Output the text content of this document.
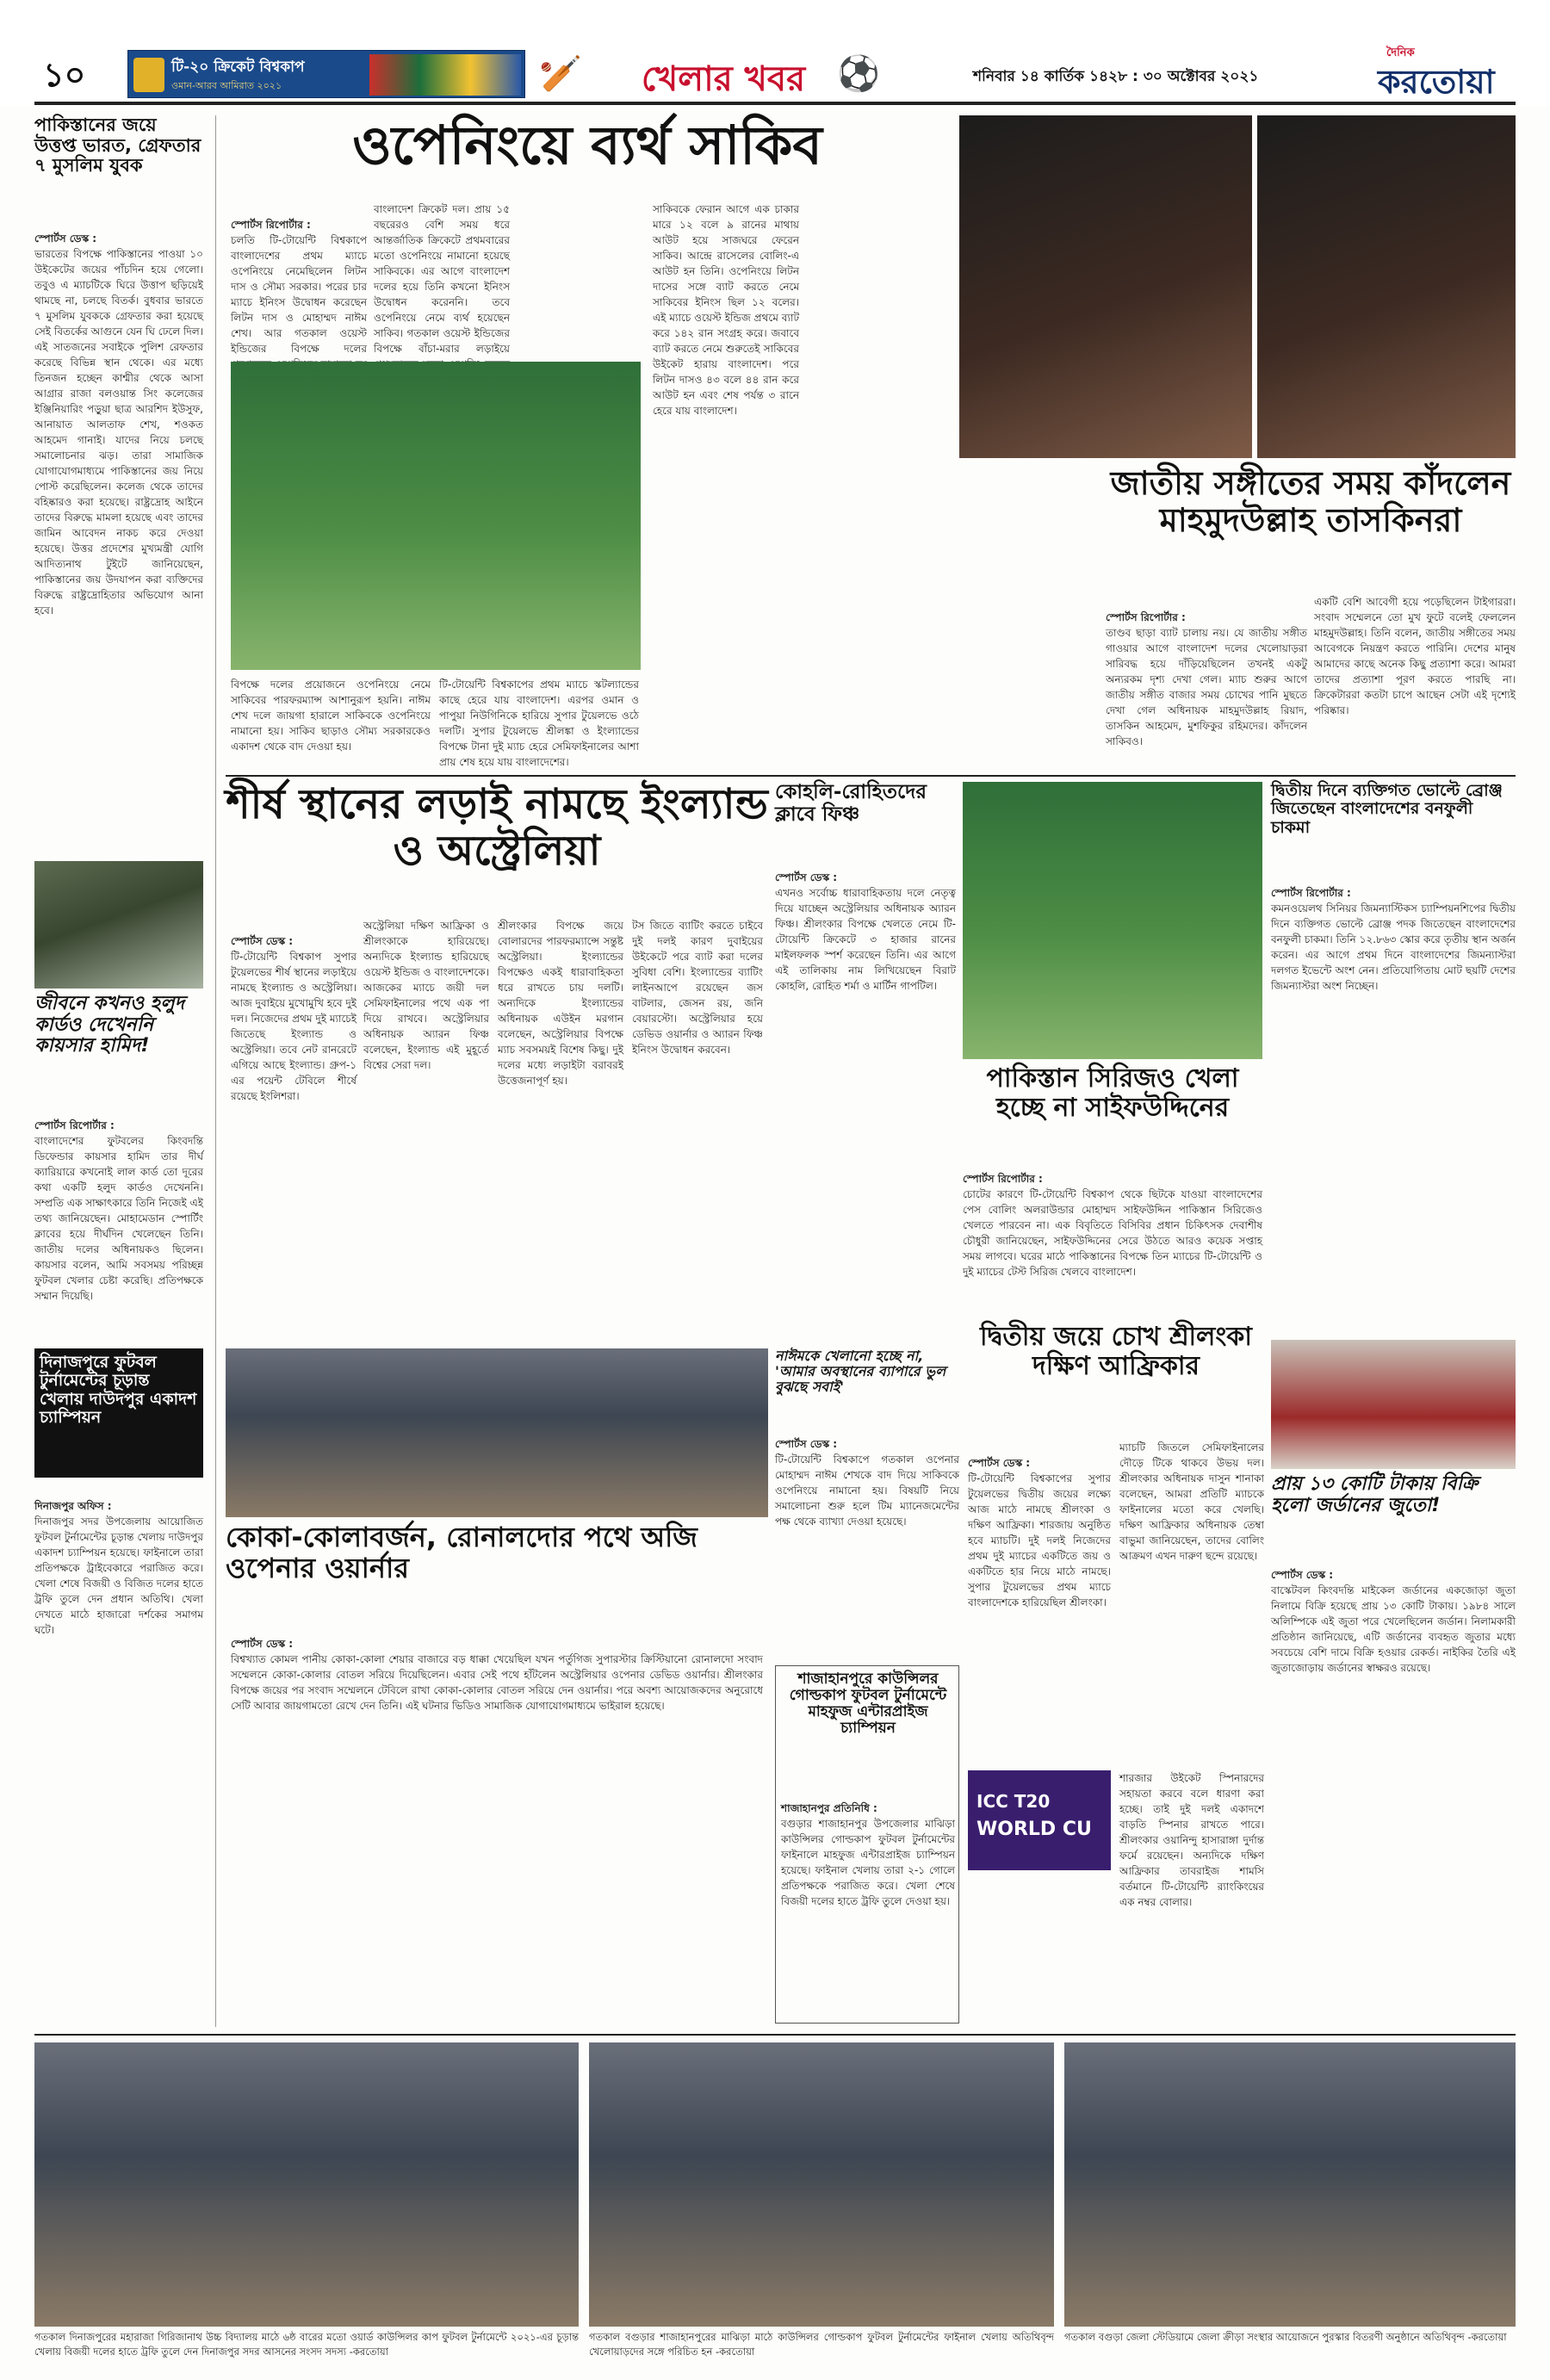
১০	টি-২০ ক্রিকেট বিশ্বকাপ
ওমান-আরব আমিরাত ২০২১	🏏	খেলার খবর ⚽	শনিবার ১৪ কার্তিক ১৪২৮ : ৩০ অক্টোবর ২০২১
দৈনিক
করতোয়া
পাকিস্তানের জয়ে উত্তপ্ত ভারত, গ্রেফতার ৭ মুসলিম যুবক

স্পোর্টস ডেস্ক :
ভারতের বিপক্ষে পাকিস্তানের পাওয়া ১০ উইকেটের জয়ের পাঁচদিন হয়ে গেলো। তবুও এ ম্যাচটিকে ঘিরে উত্তাপ ছড়িয়েই থামছে না, চলছে বিতর্ক। বুধবার ভারতে ৭ মুসলিম যুবককে গ্রেফতার করা হয়েছে সেই বিতর্কের আগুনে যেন ঘি ঢেলে দিল। এই সাতজনের সবাইকে পুলিশ রেফতার করেছে বিভিন্ন স্থান থেকে। এর মধ্যে তিনজন হচ্ছেন কাশ্মীর থেকে আসা আগ্রার রাজা বলওয়ান্ত সিং কলেজের ইঞ্জিনিয়ারিং পড়ুয়া ছাত্র আরশিদ ইউসুফ, আনায়াত আলতাফ শেখ, শওকত আহমেদ গানাই। যাদের নিয়ে চলছে সমালোচনার ঝড়। তারা সামাজিক যোগাযোগমাধ্যমে পাকিস্তানের জয় নিয়ে পোস্ট করেছিলেন। কলেজ থেকে তাদের বহিষ্কারও করা হয়েছে। রাষ্ট্রদ্রোহ আইনে তাদের বিরুদ্ধে মামলা হয়েছে এবং তাদের জামিন আবেদন নাকচ করে দেওয়া হয়েছে। উত্তর প্রদেশের মুখ্যমন্ত্রী যোগি আদিত্যনাথ টুইটে জানিয়েছেন, পাকিস্তানের জয় উদযাপন করা ব্যক্তিদের বিরুদ্ধে রাষ্ট্রদ্রোহিতার অভিযোগ আনা হবে।

জীবনে কখনও হলুদ কার্ডও দেখেননি কায়সার হামিদ!

স্পোর্টস রিপোর্টার :
বাংলাদেশের ফুটবলের কিংবদন্তি ডিফেন্ডার কায়সার হামিদ তার দীর্ঘ ক্যারিয়ারে কখনোই লাল কার্ড তো দূরের কথা একটি হলুদ কার্ডও দেখেননি। সম্প্রতি এক সাক্ষাৎকারে তিনি নিজেই এই তথ্য জানিয়েছেন। মোহামেডান স্পোর্টিং ক্লাবের হয়ে দীর্ঘদিন খেলেছেন তিনি। জাতীয় দলের অধিনায়কও ছিলেন। কায়সার বলেন, আমি সবসময় পরিচ্ছন্ন ফুটবল খেলার চেষ্টা করেছি। প্রতিপক্ষকে সম্মান দিয়েছি।

দিনাজপুরে ফুটবল টুর্নামেন্টের চূড়ান্ত খেলায় দাউদপুর একাদশ চ্যাম্পিয়ন

দিনাজপুর অফিস :
দিনাজপুর সদর উপজেলায় আয়োজিত ফুটবল টুর্নামেন্টের চূড়ান্ত খেলায় দাউদপুর একাদশ চ্যাম্পিয়ন হয়েছে। ফাইনালে তারা প্রতিপক্ষকে ট্রাইবেকারে পরাজিত করে। খেলা শেষে বিজয়ী ও বিজিত দলের হাতে ট্রফি তুলে দেন প্রধান অতিথি। খেলা দেখতে মাঠে হাজারো দর্শকের সমাগম ঘটে।

ওপেনিংয়ে ব্যর্থ সাকিব

স্পোর্টস রিপোর্টার :
চলতি টি-টোয়েন্টি বিশ্বকাপে বাংলাদেশের প্রথম ম্যাচে ওপেনিংয়ে নেমেছিলেন লিটন দাস ও সৌম্য সরকার। পরের চার ম্যাচে ইনিংস উদ্বোধন করেছেন লিটন দাস ও মোহাম্মদ নাঈম শেখ। আর গতকাল ওয়েস্ট ইন্ডিজের বিপক্ষে দলের

বাংলাদেশ ক্রিকেট দল। প্রায় ১৫ বছরেরও বেশি সময় ধরে আন্তর্জাতিক ক্রিকেটে প্রথমবারের মতো ওপেনিংয়ে নামানো হয়েছে সাকিবকে। এর আগে বাংলাদেশ দলের হয়ে তিনি কখনো ইনিংস উদ্বোধন করেননি। তবে ওপেনিংয়ে নেমে ব্যর্থ হয়েছেন সাকিব। গতকাল ওয়েস্ট ইন্ডিজের বিপক্ষে বাঁচা-মরার লড়াইয়ে
সাকিবকে ফেরান আগে এক চাকার মারে ১২ বলে ৯ রানের মাথায় আউট হয়ে সাজঘরে ফেরেন সাকিব। আন্দ্রে রাসেলের বোলিং-এ আউট হন তিনি। ওপেনিংয়ে লিটন দাসের সঙ্গে ব্যাট করতে নেমে সাকিবের ইনিংস ছিল ১২ বলের। এই ম্যাচে ওয়েস্ট ইন্ডিজ প্রথমে ব্যাট করে ১৪২ রান সংগ্রহ করে। জবাবে ব্যাট করতে নেমে শুরুতেই সাকিবের উইকেট হারায় বাংলাদেশ। পরে লিটন দাসও ৪৩ বলে ৪৪ রান করে আউট হন এবং শেষ পর্যন্ত ৩ রানে হেরে যায় বাংলাদেশ।
বিপক্ষে দলের প্রয়োজনে ওপেনিংয়ে নেমে সাকিবের পারফরম্যান্স আশানুরূপ হয়নি। নাঈম শেখ দলে জায়গা হারালে সাকিবকে ওপেনিংয়ে নামানো হয়। সাকিব ছাড়াও সৌম্য সরকারকেও একাদশ থেকে বাদ দেওয়া হয়।
টি-টোয়েন্টি বিশ্বকাপের প্রথম ম্যাচে স্কটল্যান্ডের কাছে হেরে যায় বাংলাদেশ। এরপর ওমান ও পাপুয়া নিউগিনিকে হারিয়ে সুপার টুয়েলভে ওঠে দলটি। সুপার টুয়েলভে শ্রীলঙ্কা ও ইংল্যান্ডের বিপক্ষে টানা দুই ম্যাচ হেরে সেমিফাইনালের আশা প্রায় শেষ হয়ে যায় বাংলাদেশের।
জাতীয় সঙ্গীতের সময় কাঁদলেন মাহমুদউল্লাহ তাসকিনরা

স্পোর্টস রিপোর্টার :
তাণ্ডব ছাড়া ব্যাট চালায় নয়। যে জাতীয় সঙ্গীত গাওয়ার আগে বাংলাদেশ দলের খেলোয়াড়রা সারিবদ্ধ হয়ে দাঁড়িয়েছিলেন তখনই একটু অন্যরকম দৃশ্য দেখা গেল। ম্যাচ শুরুর আগে জাতীয় সঙ্গীত বাজার সময় চোখের পানি মুছতে দেখা গেল অধিনায়ক মাহমুদউল্লাহ রিয়াদ, তাসকিন আহমেদ, মুশফিকুর রহিমদের। কাঁদলেন সাকিবও।

একটি বেশি আবেগী হয়ে পড়েছিলেন টাইগাররা। সংবাদ সম্মেলনে তো মুখ ফুটে বলেই ফেললেন মাহমুদউল্লাহ। তিনি বলেন, জাতীয় সঙ্গীতের সময় আবেগকে নিয়ন্ত্রণ করতে পারিনি। দেশের মানুষ আমাদের কাছে অনেক কিছু প্রত্যাশা করে। আমরা তাদের প্রত্যাশা পূরণ করতে পারছি না। ক্রিকেটাররা কতটা চাপে আছেন সেটা এই দৃশ্যেই পরিষ্কার।
শীর্ষ স্থানের লড়াই নামছে ইংল্যান্ড ও অস্ট্রেলিয়া

স্পোর্টস ডেস্ক :
টি-টোয়েন্টি বিশ্বকাপ সুপার টুয়েলভের শীর্ষ স্থানের লড়াইয়ে নামছে ইংল্যান্ড ও অস্ট্রেলিয়া। আজ দুবাইয়ে মুখোমুখি হবে দুই দল। নিজেদের প্রথম দুই ম্যাচেই জিতেছে ইংল্যান্ড ও অস্ট্রেলিয়া। তবে নেট রানরেটে এগিয়ে আছে ইংল্যান্ড। গ্রুপ-১ এর পয়েন্ট টেবিলে শীর্ষে রয়েছে ইংলিশরা।

অস্ট্রেলিয়া দক্ষিণ আফ্রিকা ও শ্রীলংকাকে হারিয়েছে। অন্যদিকে ইংল্যান্ড হারিয়েছে ওয়েস্ট ইন্ডিজ ও বাংলাদেশকে। আজকের ম্যাচে জয়ী দল সেমিফাইনালের পথে এক পা দিয়ে রাখবে। অস্ট্রেলিয়ার অধিনায়ক অ্যারন ফিঞ্চ বলেছেন, ইংল্যান্ড এই মুহূর্তে বিশ্বের সেরা দল।
শ্রীলংকার বিপক্ষে জয়ে বোলারদের পারফরম্যান্সে সন্তুষ্ট অস্ট্রেলিয়া। ইংল্যান্ডের বিপক্ষেও একই ধারাবাহিকতা ধরে রাখতে চায় দলটি। অন্যদিকে ইংল্যান্ডের অধিনায়ক এউইন মরগান বলেছেন, অস্ট্রেলিয়ার বিপক্ষে ম্যাচ সবসময়ই বিশেষ কিছু। দুই দলের মধ্যে লড়াইটা বরাবরই উত্তেজনাপূর্ণ হয়।
টস জিতে ব্যাটিং করতে চাইবে দুই দলই কারণ দুবাইয়ের উইকেটে পরে ব্যাট করা দলের সুবিধা বেশি। ইংল্যান্ডের ব্যাটিং লাইনআপে রয়েছেন জস বাটলার, জেসন রয়, জনি বেয়ারস্টো। অস্ট্রেলিয়ার হয়ে ডেভিড ওয়ার্নার ও অ্যারন ফিঞ্চ ইনিংস উদ্বোধন করবেন।
কোহলি-রোহিতদের ক্লাবে ফিঞ্চ

স্পোর্টস ডেস্ক :
এখনও সর্বোচ্চ ধারাবাহিকতায় দলে নেতৃত্ব দিয়ে যাচ্ছেন অস্ট্রেলিয়ার অধিনায়ক অ্যারন ফিঞ্চ। শ্রীলংকার বিপক্ষে খেলতে নেমে টি-টোয়েন্টি ক্রিকেটে ৩ হাজার রানের মাইলফলক স্পর্শ করেছেন তিনি। এর আগে এই তালিকায় নাম লিখিয়েছেন বিরাট কোহলি, রোহিত শর্মা ও মার্টিন গাপটিল।

পাকিস্তান সিরিজও খেলা হচ্ছে না সাইফউদ্দিনের

স্পোর্টস রিপোর্টার :
চোটের কারণে টি-টোয়েন্টি বিশ্বকাপ থেকে ছিটকে যাওয়া বাংলাদেশের পেস বোলিং অলরাউন্ডার মোহাম্মদ সাইফউদ্দিন পাকিস্তান সিরিজেও খেলতে পারবেন না। এক বিবৃতিতে বিসিবির প্রধান চিকিৎসক দেবাশীষ চৌধুরী জানিয়েছেন, সাইফউদ্দিনের সেরে উঠতে আরও কয়েক সপ্তাহ সময় লাগবে। ঘরের মাঠে পাকিস্তানের বিপক্ষে তিন ম্যাচের টি-টোয়েন্টি ও দুই ম্যাচের টেস্ট সিরিজ খেলবে বাংলাদেশ।

দ্বিতীয় দিনে ব্যক্তিগত ভোল্টে ব্রোঞ্জ জিতেছেন বাংলাদেশের বনফুলী চাকমা

স্পোর্টস রিপোর্টার :
কমনওয়েলথ সিনিয়র জিমন্যাস্টিকস চ্যাম্পিয়নশিপের দ্বিতীয় দিনে ব্যক্তিগত ভোল্টে ব্রোঞ্জ পদক জিতেছেন বাংলাদেশের বনফুলী চাকমা। তিনি ১২.৮৬৩ স্কোর করে তৃতীয় স্থান অর্জন করেন। এর আগে প্রথম দিনে বাংলাদেশের জিমন্যাস্টরা দলগত ইভেন্টে অংশ নেন। প্রতিযোগিতায় মোট ছয়টি দেশের জিমন্যাস্টরা অংশ নিচ্ছেন।

নাঈমকে খেলানো হচ্ছে না, 'আমার অবস্থানের ব্যাপারে ভুল বুঝছে সবাই'

স্পোর্টস ডেস্ক :
টি-টোয়েন্টি বিশ্বকাপে গতকাল ওপেনার মোহাম্মদ নাঈম শেখকে বাদ দিয়ে সাকিবকে ওপেনিংয়ে নামানো হয়। বিষয়টি নিয়ে সমালোচনা শুরু হলে টিম ম্যানেজমেন্টের পক্ষ থেকে ব্যাখ্যা দেওয়া হয়েছে।

কোকা-কোলাবর্জন, রোনালদোর পথে অজি ওপেনার ওয়ার্নার

স্পোর্টস ডেস্ক :
বিশ্বখ্যাত কোমল পানীয় কোকা-কোলা শেয়ার বাজারে বড় ধাক্কা খেয়েছিল যখন পর্তুগিজ সুপারস্টার ক্রিস্টিয়ানো রোনালদো সংবাদ সম্মেলনে কোকা-কোলার বোতল সরিয়ে দিয়েছিলেন। এবার সেই পথে হাঁটলেন অস্ট্রেলিয়ার ওপেনার ডেভিড ওয়ার্নার। শ্রীলংকার বিপক্ষে জয়ের পর সংবাদ সম্মেলনে টেবিলে রাখা কোকা-কোলার বোতল সরিয়ে দেন ওয়ার্নার। পরে অবশ্য আয়োজকদের অনুরোধে সেটি আবার জায়গামতো রেখে দেন তিনি। এই ঘটনার ভিডিও সামাজিক যোগাযোগমাধ্যমে ভাইরাল হয়েছে।

শাজাহানপুরে কাউন্সিলর গোল্ডকাপ ফুটবল টুর্নামেন্টে মাহফুজ এন্টারপ্রাইজ চ্যাম্পিয়ন

শাজাহানপুর প্রতিনিধি :
বগুড়ার শাজাহানপুর উপজেলার মাঝিড়া কাউন্সিলর গোল্ডকাপ ফুটবল টুর্নামেন্টের ফাইনালে মাহফুজ এন্টারপ্রাইজ চ্যাম্পিয়ন হয়েছে। ফাইনাল খেলায় তারা ২-১ গোলে প্রতিপক্ষকে পরাজিত করে। খেলা শেষে বিজয়ী দলের হাতে ট্রফি তুলে দেওয়া হয়।

দ্বিতীয় জয়ে চোখ শ্রীলংকা দক্ষিণ আফ্রিকার

স্পোর্টস ডেস্ক :
টি-টোয়েন্টি বিশ্বকাপের সুপার টুয়েলভের দ্বিতীয় জয়ের লক্ষ্যে আজ মাঠে নামছে শ্রীলংকা ও দক্ষিণ আফ্রিকা। শারজায় অনুষ্ঠিত হবে ম্যাচটি। দুই দলই নিজেদের প্রথম দুই ম্যাচের একটিতে জয় ও একটিতে হার নিয়ে মাঠে নামছে। সুপার টুয়েলভের প্রথম ম্যাচে বাংলাদেশকে হারিয়েছিল শ্রীলংকা।

ম্যাচটি জিতলে সেমিফাইনালের দৌড়ে টিকে থাকবে উভয় দল। শ্রীলংকার অধিনায়ক দাসুন শানাকা বলেছেন, আমরা প্রতিটি ম্যাচকে ফাইনালের মতো করে খেলছি। দক্ষিণ আফ্রিকার অধিনায়ক তেম্বা বাভুমা জানিয়েছেন, তাদের বোলিং আক্রমণ এখন দারুণ ছন্দে রয়েছে।
ICC T20
WORLD CU
শারজার উইকেট স্পিনারদের সহায়তা করবে বলে ধারণা করা হচ্ছে। তাই দুই দলই একাদশে বাড়তি স্পিনার রাখতে পারে। শ্রীলংকার ওয়ানিন্দু হাসারাঙ্গা দুর্দান্ত ফর্মে রয়েছেন। অন্যদিকে দক্ষিণ আফ্রিকার তাবরাইজ শামসি বর্তমানে টি-টোয়েন্টি র‌্যাংকিংয়ের এক নম্বর বোলার।
প্রায় ১৩ কোটি টাকায় বিক্রি হলো জর্ডানের জুতো!

স্পোর্টস ডেস্ক :
বাস্কেটবল কিংবদন্তি মাইকেল জর্ডানের একজোড়া জুতা নিলামে বিক্রি হয়েছে প্রায় ১৩ কোটি টাকায়। ১৯৮৪ সালে অলিম্পিকে এই জুতা পরে খেলেছিলেন জর্ডান। নিলামকারী প্রতিষ্ঠান জানিয়েছে, এটি জর্ডানের ব্যবহৃত জুতার মধ্যে সবচেয়ে বেশি দামে বিক্রি হওয়ার রেকর্ড। নাইকির তৈরি এই জুতাজোড়ায় জর্ডানের স্বাক্ষরও রয়েছে।

গতকাল দিনাজপুরের মহারাজা গিরিজানাথ উচ্চ বিদ্যালয় মাঠে ৬ষ্ঠ বারের মতো ওয়ার্ড কাউন্সিলর কাপ ফুটবল টুর্নামেন্টে ২০২১-এর চূড়ান্ত খেলায় বিজয়ী দলের হাতে ট্রফি তুলে দেন দিনাজপুর সদর আসনের সংসদ সদস্য -করতোয়া
গতকাল বগুড়ার শাজাহানপুরের মাঝিড়া মাঠে কাউন্সিলর গোল্ডকাপ ফুটবল টুর্নামেন্টের ফাইনাল খেলায় অতিথিবৃন্দ খেলোয়াড়দের সঙ্গে পরিচিত হন -করতোয়া
গতকাল বগুড়া জেলা স্টেডিয়ামে জেলা ক্রীড়া সংস্থার আয়োজনে পুরস্কার বিতরণী অনুষ্ঠানে অতিথিবৃন্দ -করতোয়া
